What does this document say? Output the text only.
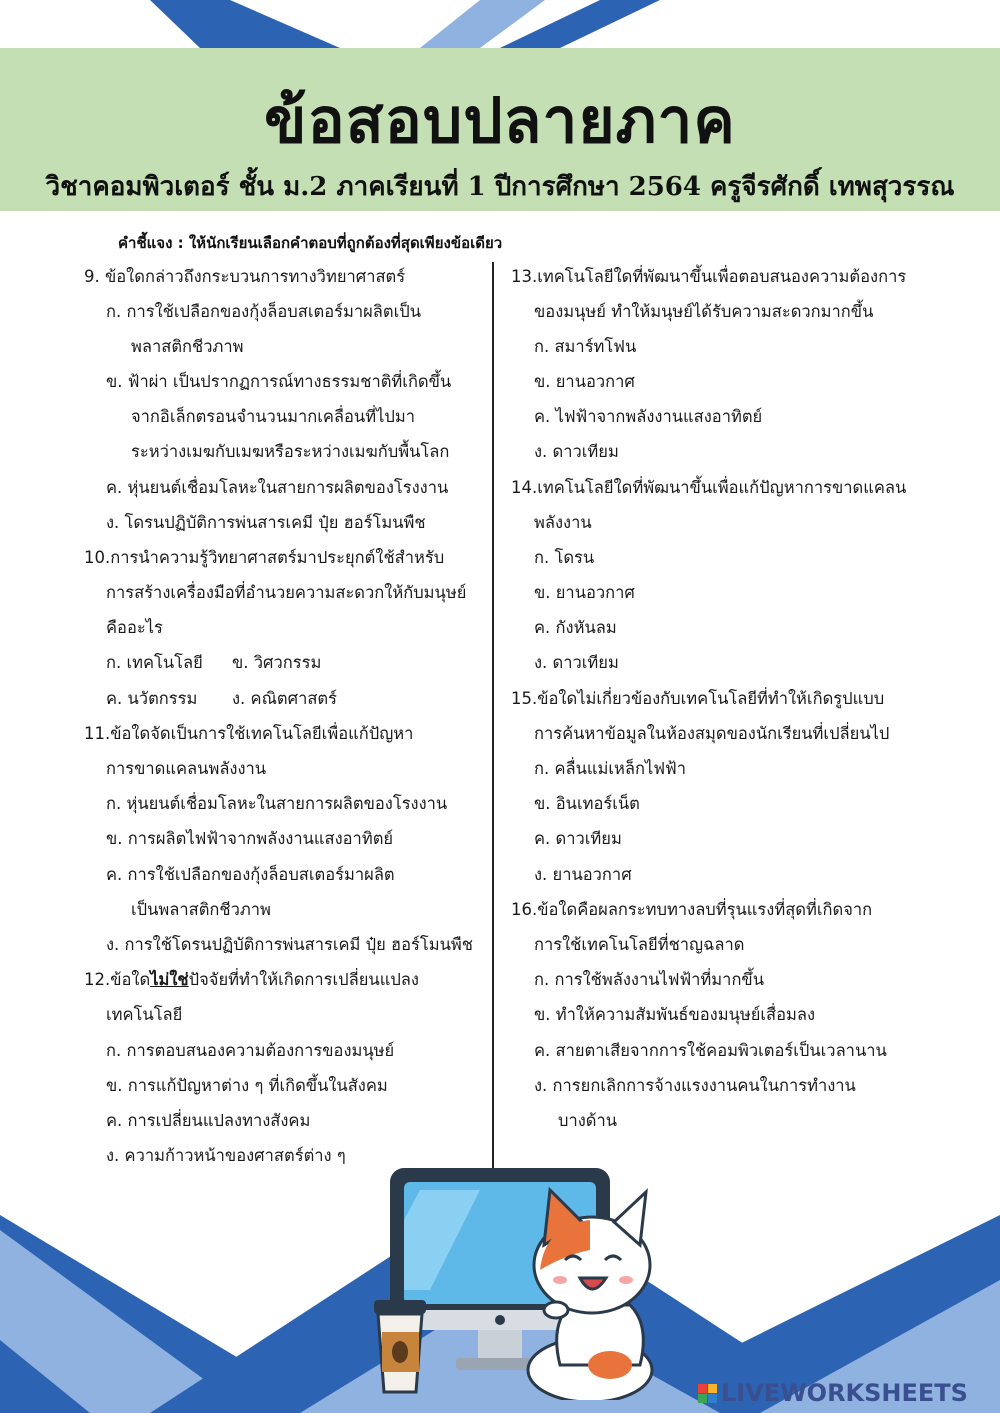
ข้อสอบปลายภาค
วิชาคอมพิวเตอร์ ชั้น ม.2 ภาคเรียนที่ 1 ปีการศึกษา 2564 ครูจีรศักดิ์ เทพสุวรรณ
คำชี้แจง : ให้นักเรียนเลือกคำตอบที่ถูกต้องที่สุดเพียงข้อเดียว
9. ข้อใดกล่าวถึงกระบวนการทางวิทยาศาสตร์
ก. การใช้เปลือกของกุ้งล็อบสเตอร์มาผลิตเป็น
พลาสติกชีวภาพ
ข. ฟ้าผ่า เป็นปรากฏการณ์ทางธรรมชาติที่เกิดขึ้น
จากอิเล็กตรอนจำนวนมากเคลื่อนที่ไปมา
ระหว่างเมฆกับเมฆหรือระหว่างเมฆกับพื้นโลก
ค. หุ่นยนต์เชื่อมโลหะในสายการผลิตของโรงงาน
ง. โดรนปฏิบัติการพ่นสารเคมี ปุ๋ย ฮอร์โมนพืช
10.การนำความรู้วิทยาศาสตร์มาประยุกต์ใช้สำหรับ
การสร้างเครื่องมือที่อำนวยความสะดวกให้กับมนุษย์
คืออะไร
ก. เทคโนโลยี ข. วิศวกรรม
ค. นวัตกรรม ง. คณิตศาสตร์
11.ข้อใดจัดเป็นการใช้เทคโนโลยีเพื่อแก้ปัญหา
การขาดแคลนพลังงาน
ก. หุ่นยนต์เชื่อมโลหะในสายการผลิตของโรงงาน
ข. การผลิตไฟฟ้าจากพลังงานแสงอาทิตย์
ค. การใช้เปลือกของกุ้งล็อบสเตอร์มาผลิต
เป็นพลาสติกชีวภาพ
ง. การใช้โดรนปฏิบัติการพ่นสารเคมี ปุ๋ย ฮอร์โมนพืช
12.ข้อใดไม่ใช่ปัจจัยที่ทำให้เกิดการเปลี่ยนแปลง
เทคโนโลยี
ก. การตอบสนองความต้องการของมนุษย์
ข. การแก้ปัญหาต่าง ๆ ที่เกิดขึ้นในสังคม
ค. การเปลี่ยนแปลงทางสังคม
ง. ความก้าวหน้าของศาสตร์ต่าง ๆ
13.เทคโนโลยีใดที่พัฒนาขึ้นเพื่อตอบสนองความต้องการ
ของมนุษย์ ทำให้มนุษย์ได้รับความสะดวกมากขึ้น
ก. สมาร์ทโฟน
ข. ยานอวกาศ
ค. ไฟฟ้าจากพลังงานแสงอาทิตย์
ง. ดาวเทียม
14.เทคโนโลยีใดที่พัฒนาขึ้นเพื่อแก้ปัญหาการขาดแคลน
พลังงาน
ก. โดรน
ข. ยานอวกาศ
ค. กังหันลม
ง. ดาวเทียม
15.ข้อใดไม่เกี่ยวข้องกับเทคโนโลยีที่ทำให้เกิดรูปแบบ
การค้นหาข้อมูลในห้องสมุดของนักเรียนที่เปลี่ยนไป
ก. คลื่นแม่เหล็กไฟฟ้า
ข. อินเทอร์เน็ต
ค. ดาวเทียม
ง. ยานอวกาศ
16.ข้อใดคือผลกระทบทางลบที่รุนแรงที่สุดที่เกิดจาก
การใช้เทคโนโลยีที่ชาญฉลาด
ก. การใช้พลังงานไฟฟ้าที่มากขึ้น
ข. ทำให้ความสัมพันธ์ของมนุษย์เสื่อมลง
ค. สายตาเสียจากการใช้คอมพิวเตอร์เป็นเวลานาน
ง. การยกเลิกการจ้างแรงงานคนในการทำงาน
บางด้าน
LIVEWORKSHEETS
